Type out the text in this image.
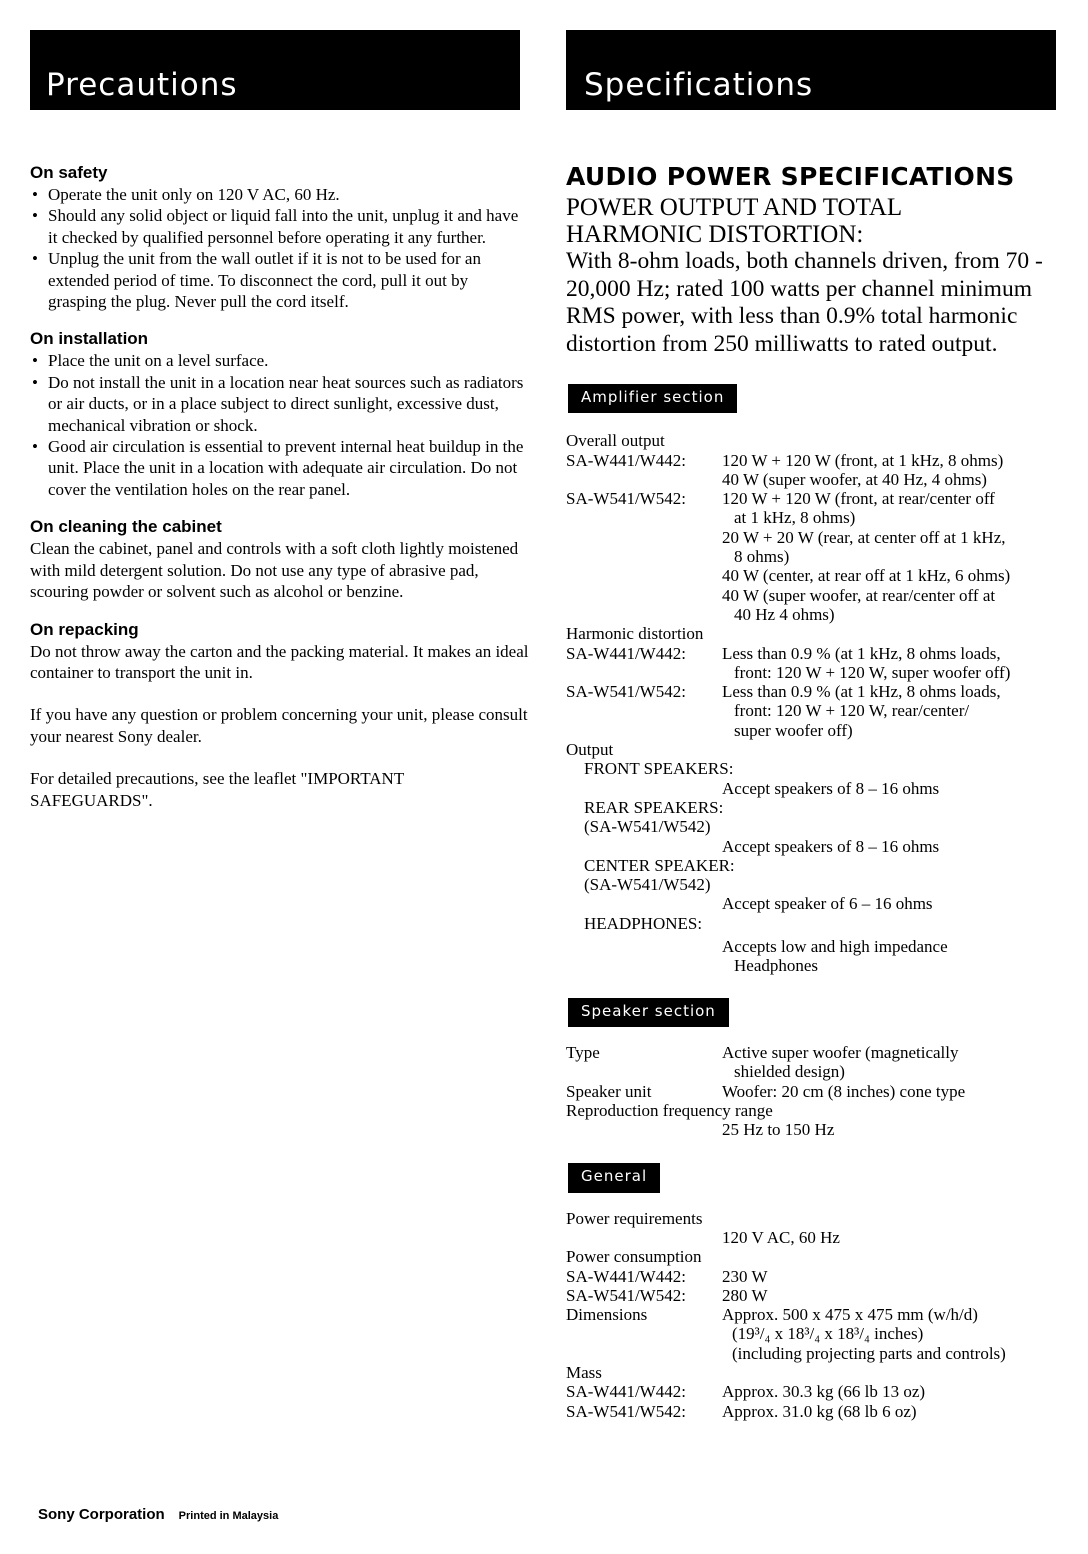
Precautions	Specifications
On safety
• Operate the unit only on 120 V AC, 60 Hz.
• Should any solid object or liquid fall into the unit, unplug it and have it checked by qualified personnel before operating it any further.
• Unplug the unit from the wall outlet if it is not to be used for an extended period of time. To disconnect the cord, pull it out by grasping the plug. Never pull the cord itself.
On installation
• Place the unit on a level surface.
• Do not install the unit in a location near heat sources such as radiators or air ducts, or in a place subject to direct sunlight, excessive dust, mechanical vibration or shock.
• Good air circulation is essential to prevent internal heat buildup in the unit. Place the unit in a location with adequate air circulation. Do not cover the ventilation holes on the rear panel.
On cleaning the cabinet
Clean the cabinet, panel and controls with a soft cloth lightly moistened with mild detergent solution. Do not use any type of abrasive pad, scouring powder or solvent such as alcohol or benzine.
On repacking
Do not throw away the carton and the packing material. It makes an ideal container to transport the unit in.
If you have any question or problem concerning your unit, please consult your nearest Sony dealer.
For detailed precautions, see the leaflet "IMPORTANT SAFEGUARDS".
AUDIO POWER SPECIFICATIONS
POWER OUTPUT AND TOTAL
HARMONIC DISTORTION:
With 8-ohm loads, both channels driven, from 70 - 20,000 Hz; rated 100 watts per channel minimum RMS power, with less than 0.9% total harmonic distortion from 250 milliwatts to rated output.
Amplifier section
Overall output
SA-W441/W442:	120 W + 120 W (front, at 1 kHz, 8 ohms)
40 W (super woofer, at 40 Hz, 4 ohms)
SA-W541/W542:	120 W + 120 W (front, at rear/center off
at 1 kHz, 8 ohms)
20 W + 20 W (rear, at center off at 1 kHz,
8 ohms)
40 W (center, at rear off at 1 kHz, 6 ohms)
40 W (super woofer, at rear/center off at
40 Hz 4 ohms)
Harmonic distortion
SA-W441/W442:	Less than 0.9 % (at 1 kHz, 8 ohms loads,
front: 120 W + 120 W, super woofer off)
SA-W541/W542:	Less than 0.9 % (at 1 kHz, 8 ohms loads,
front: 120 W + 120 W, rear/center/
super woofer off)
Output
FRONT SPEAKERS:
Accept speakers of 8 – 16 ohms
REAR SPEAKERS:
(SA-W541/W542)
Accept speakers of 8 – 16 ohms
CENTER SPEAKER:
(SA-W541/W542)
Accept speaker of 6 – 16 ohms
HEADPHONES:
Accepts low and high impedance
Headphones
Speaker section
Type	Active super woofer (magnetically
shielded design)
Speaker unit	Woofer: 20 cm (8 inches) cone type
Reproduction frequency range
25 Hz to 150 Hz
General
Power requirements
120 V AC, 60 Hz
Power consumption
SA-W441/W442:	230 W
SA-W541/W542:	280 W
Dimensions	Approx. 500 x 475 x 475 mm (w/h/d)
(19³/₄ x 18³/₄ x 18³/₄ inches)
(including projecting parts and controls)
Mass
SA-W441/W442:	Approx. 30.3 kg (66 lb 13 oz)
SA-W541/W542:	Approx. 31.0 kg (68 lb 6 oz)
Sony Corporation Printed in Malaysia
